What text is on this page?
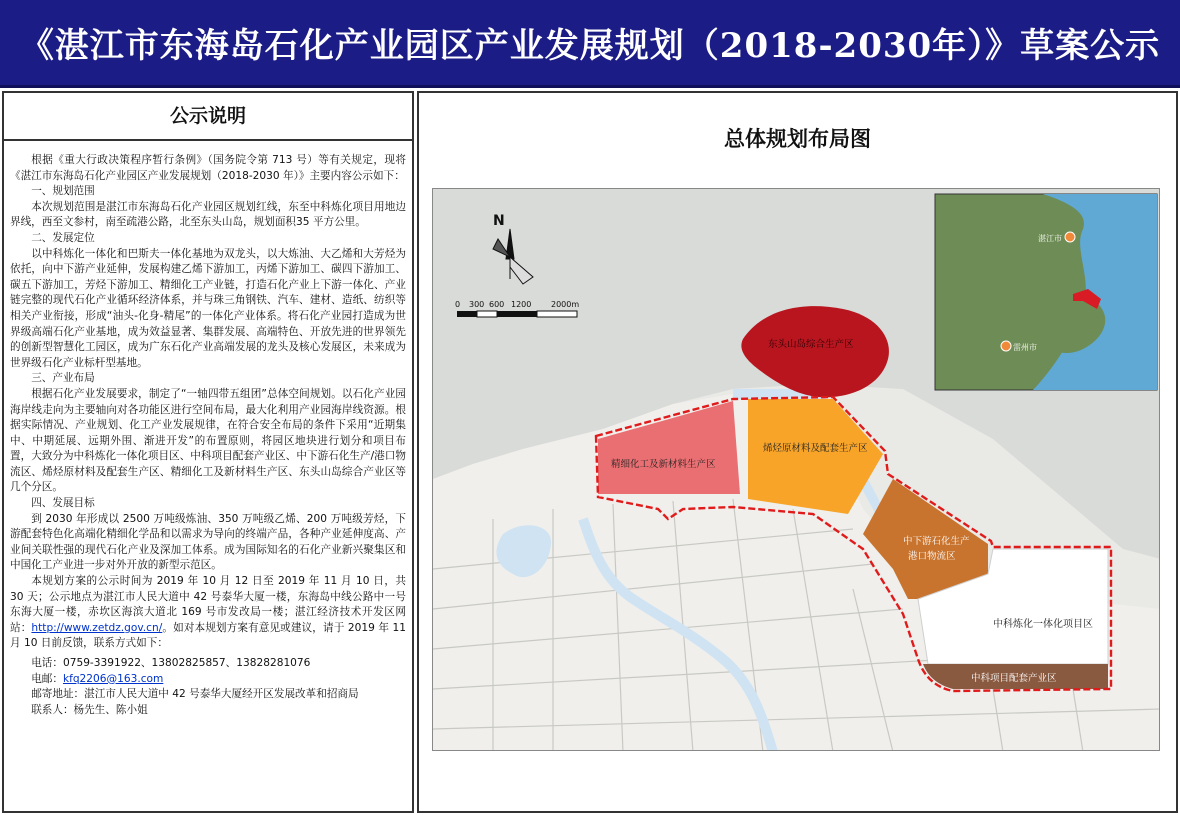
《湛江市东海岛石化产业园区产业发展规划（2018-2030年）》草案公示
公示说明

根据《重大行政决策程序暂行条例》（国务院令第 713 号）等有关规定，现将《湛江市东海岛石化产业园区产业发展规划（2018-2030 年）》主要内容公示如下：

一、规划范围

本次规划范围是湛江市东海岛石化产业园区规划红线，东至中科炼化项目用地边界线，西至文参村，南至疏港公路，北至东头山岛，规划面积35 平方公里。

二、发展定位

以中科炼化一体化和巴斯夫一体化基地为双龙头，以大炼油、大乙烯和大芳烃为依托，向中下游产业延伸，发展构建乙烯下游加工，丙烯下游加工、碳四下游加工、碳五下游加工，芳烃下游加工、精细化工产业链，打造石化产业上下游一体化、产业链完整的现代石化产业循环经济体系，并与珠三角钢铁、汽车、建材、造纸、纺织等相关产业衔接，形成“油头-化身-精尾”的一体化产业体系。将石化产业园打造成为世界级高端石化产业基地，成为效益显著、集群发展、高端特色、开放先进的世界领先的创新型智慧化工园区，成为广东石化产业高端发展的龙头及核心发展区，未来成为世界级石化产业标杆型基地。

三、产业布局

根据石化产业发展要求，制定了“一轴四带五组团”总体空间规划。以石化产业园海岸线走向为主要轴向对各功能区进行空间布局，最大化利用产业园海岸线资源。根据实际情况、产业规划、化工产业发展规律，在符合安全布局的条件下采用“近期集中、中期延展、远期外围、渐进开发”的布置原则，将园区地块进行划分和项目布置，大致分为中科炼化一体化项目区、中科项目配套产业区、中下游石化生产/港口物流区、烯烃原材料及配套生产区、精细化工及新材料生产区、东头山岛综合产业区等几个分区。

四、发展目标

到 2030 年形成以 2500 万吨级炼油、350 万吨级乙烯、200 万吨级芳烃，下游配套特色化高端化精细化学品和以需求为导向的终端产品，各种产业延伸度高、产业间关联性强的现代石化产业及深加工体系。成为国际知名的石化产业新兴聚集区和中国化工产业进一步对外开放的新型示范区。

本规划方案的公示时间为 2019 年 10 月 12 日至 2019 年 11 月 10 日，共 30 天；公示地点为湛江市人民大道中 42 号泰华大厦一楼，东海岛中线公路中一号东海大厦一楼，赤坎区海滨大道北 169 号市发改局一楼；湛江经济技术开发区网站：http://www.zetdz.gov.cn/。如对本规划方案有意见或建议，请于 2019 年 11 月 10 日前反馈，联系方式如下：

电话：0759-3391922、13802825857、13828281076

电邮：kfq2206@163.com

邮寄地址：湛江市人民大道中 42 号泰华大厦经开区发展改革和招商局

联系人：杨先生、陈小姐

总体规划布局图
N
0 300 600 1200 2000m
东头山岛综合生产区
精细化工及新材料生产区
烯烃原材料及配套生产区
中下游石化生产
港口物流区
中科炼化一体化项目区
中科项目配套产业区
湛江市
雷州市
